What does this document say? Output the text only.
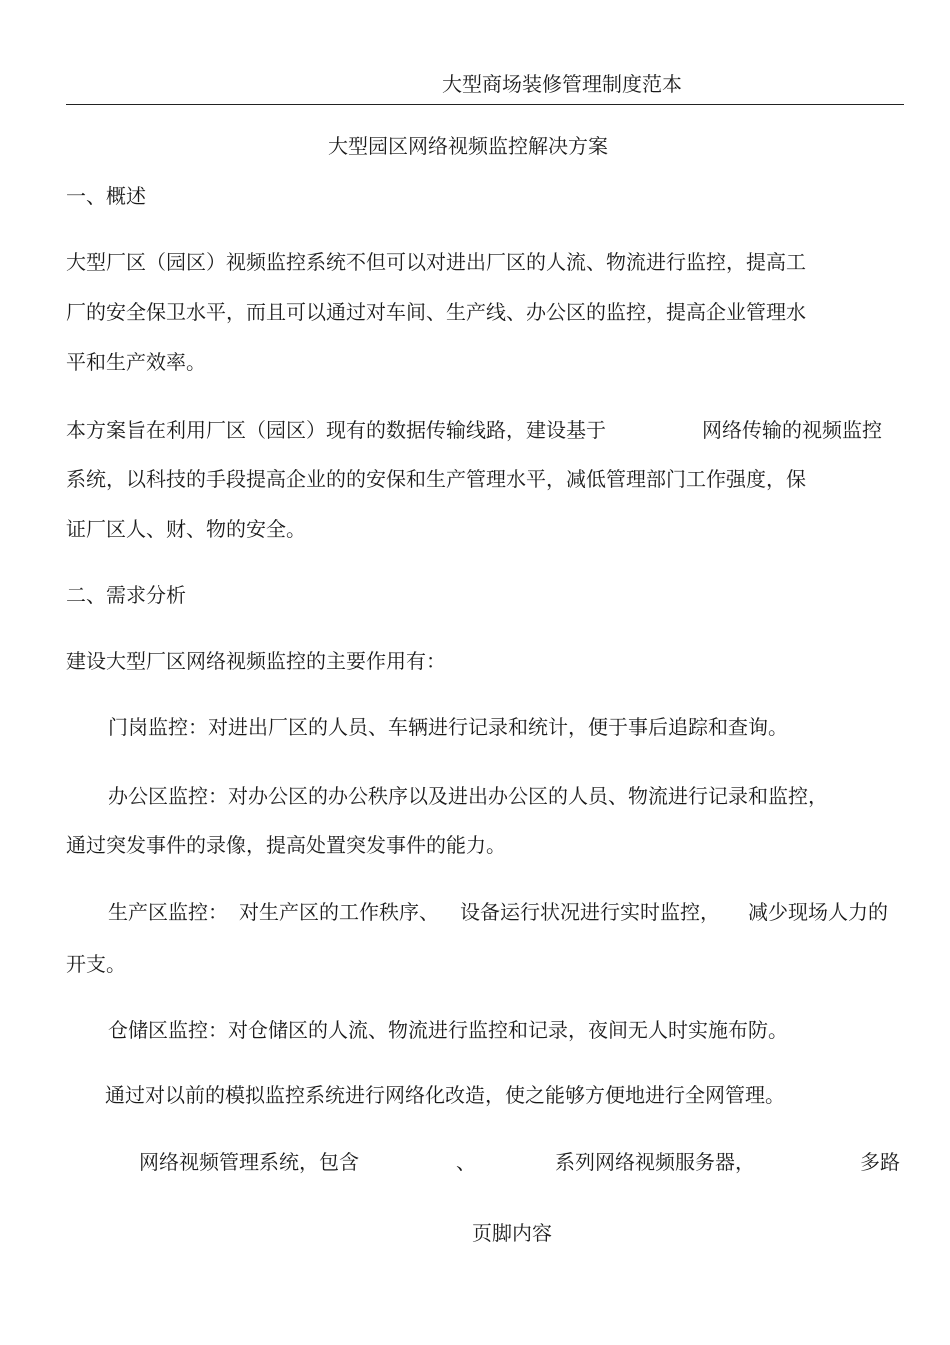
大型商场装修管理制度范本
大型园区网络视频监控解决方案
一、概述
大型厂区（园区）视频监控系统不但可以对进出厂区的人流、物流进行监控，提高工
厂的安全保卫水平，而且可以通过对车间、生产线、办公区的监控，提高企业管理水
平和生产效率。
本方案旨在利用厂区（园区）现有的数据传输线路，建设基于	网络传输的视频监控
系统，以科技的手段提高企业的的安保和生产管理水平，减低管理部门工作强度，保
证厂区人、财、物的安全。
二、需求分析
建设大型厂区网络视频监控的主要作用有：
门岗监控：对进出厂区的人员、车辆进行记录和统计，便于事后追踪和查询。
办公区监控：对办公区的办公秩序以及进出办公区的人员、物流进行记录和监控，
通过突发事件的录像，提高处置突发事件的能力。
生产区监控： 对生产区的工作秩序、 设备运行状况进行实时监控， 减少现场人力的
开支。
仓储区监控：对仓储区的人流、物流进行监控和记录，夜间无人时实施布防。
通过对以前的模拟监控系统进行网络化改造，使之能够方便地进行全网管理。
网络视频管理系统，包含	、	系列网络视频服务器，	多路
页脚内容
